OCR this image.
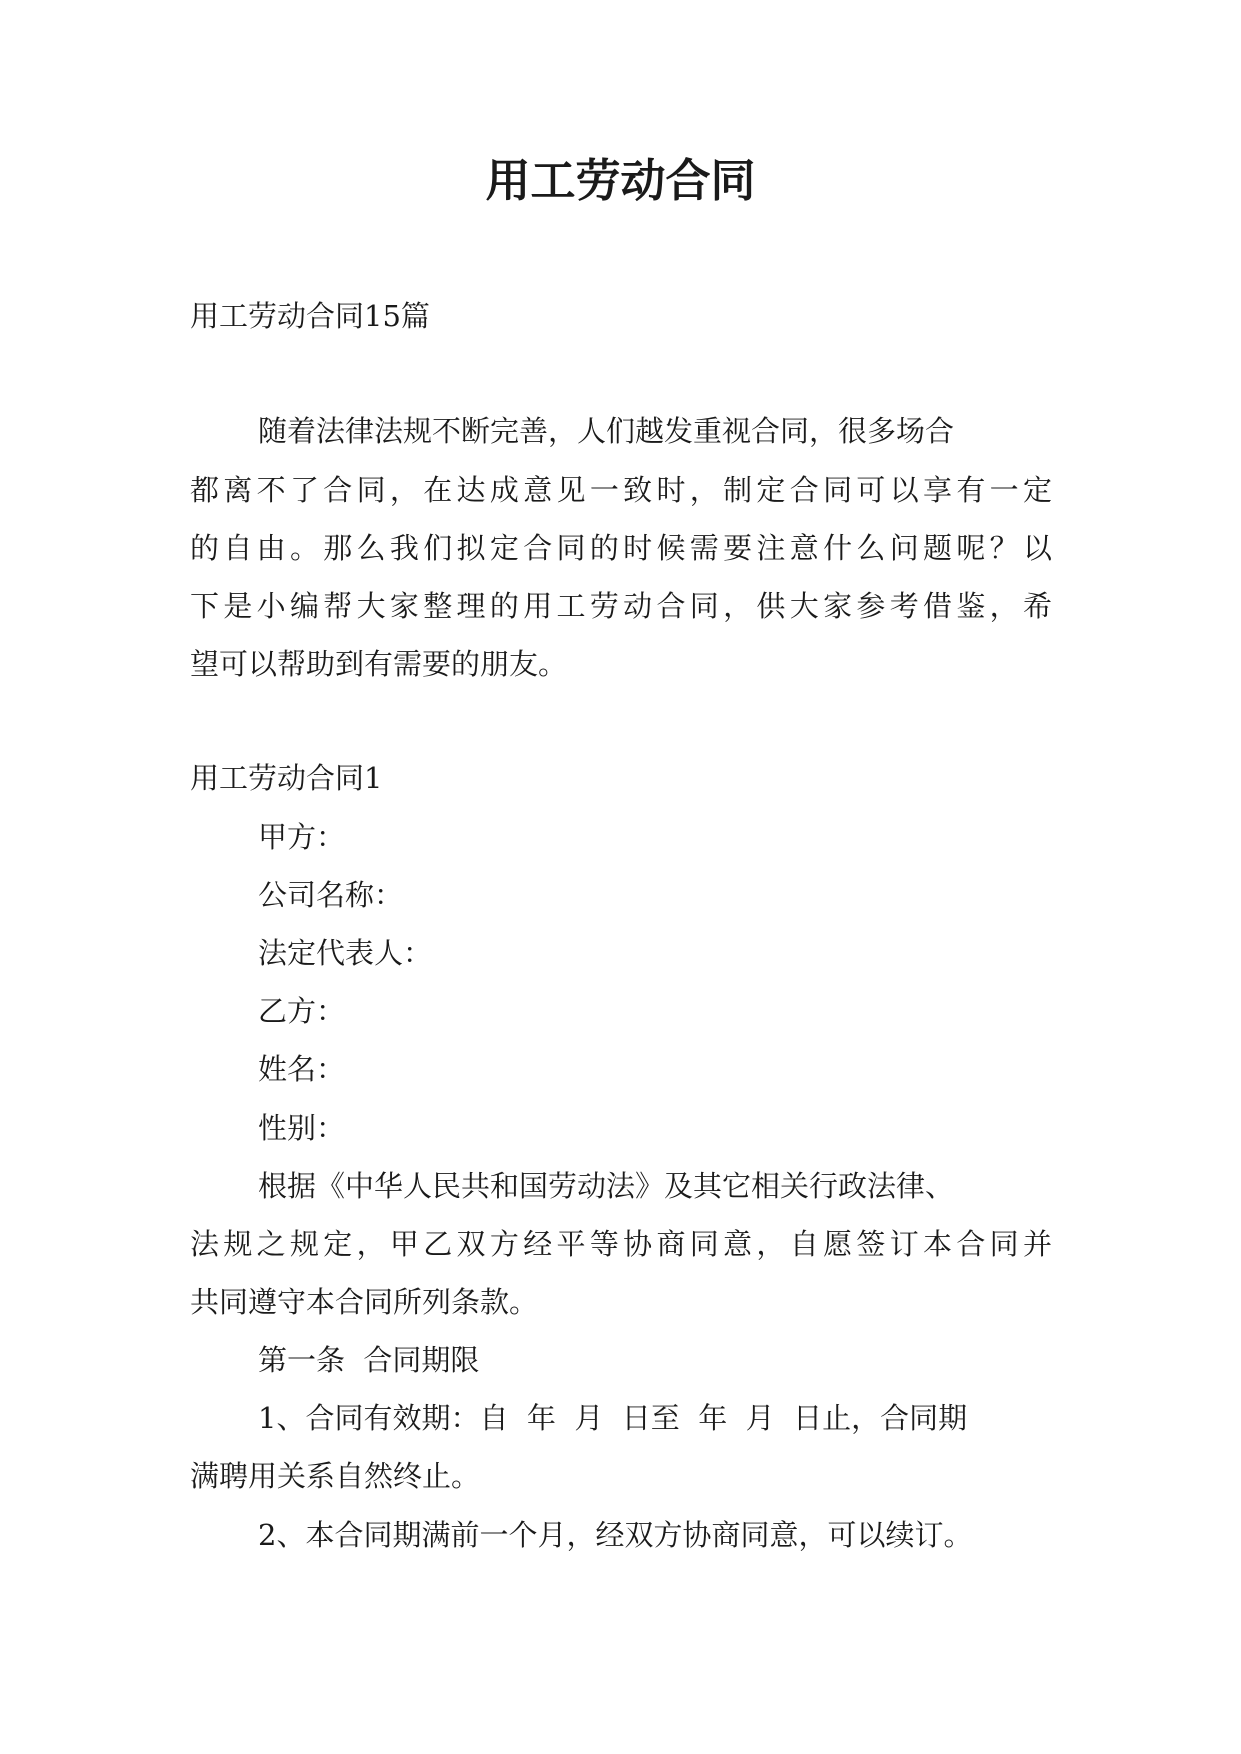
用工劳动合同
用工劳动合同15篇
随着法律法规不断完善，人们越发重视合同，很多场合
都离不了合同，在达成意见一致时，制定合同可以享有一定
的自由。那么我们拟定合同的时候需要注意什么问题呢？以
下是小编帮大家整理的用工劳动合同，供大家参考借鉴，希
望可以帮助到有需要的朋友。
用工劳动合同1
甲方：
公司名称：
法定代表人：
乙方：
姓名：
性别：
根据《中华人民共和国劳动法》及其它相关行政法律、
法规之规定，甲乙双方经平等协商同意，自愿签订本合同并
共同遵守本合同所列条款。
第一条  合同期限
1、合同有效期：自  年  月  日至  年  月  日止，合同期
满聘用关系自然终止。
2、本合同期满前一个月，经双方协商同意，可以续订。
